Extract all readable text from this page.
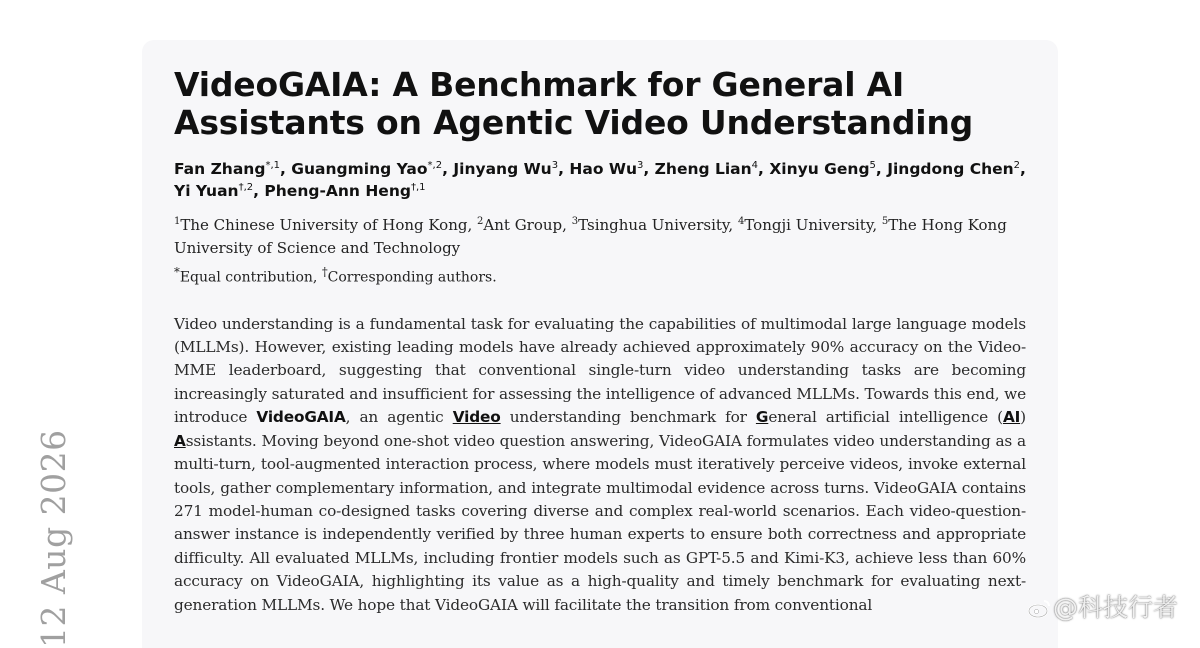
12 Aug 2026
VideoGAIA: A Benchmark for General AI
Assistants on Agentic Video Understanding
Fan Zhang$^{*,1}$, Guangming Yao$^{*,2}$, Jinyang Wu$^3$, Hao Wu$^3$, Zheng Lian$^4$, Xinyu Geng$^5$, Jingdong Chen$^2$, Yi Yuan$^{\dagger,2}$, Pheng-Ann Heng$^{\dagger,1}$
$^1$The Chinese University of Hong Kong, $^2$Ant Group, $^3$Tsinghua University, $^4$Tongji University, $^5$The Hong Kong University of Science and Technology
*Equal contribution, †Corresponding authors.
Video understanding is a fundamental task for evaluating the capabilities of multimodal large language models (MLLMs). However, existing leading models have already achieved approximately 90% accuracy on the Video-MME leaderboard, suggesting that conventional single-turn video understanding tasks are becoming increasingly saturated and insufficient for assessing the intelligence of advanced MLLMs. Towards this end, we introduce VideoGAIA, an agentic Video understanding benchmark for General artificial intelligence (AI) Assistants. Moving beyond one-shot video question answering, VideoGAIA formulates video understanding as a multi-turn, tool-augmented interaction process, where models must iteratively perceive videos, invoke external tools, gather complementary information, and integrate multimodal evidence across turns. VideoGAIA contains 271 model-human co-designed tasks covering diverse and complex real-world scenarios. Each video-question-answer instance is independently verified by three human experts to ensure both correctness and appropriate difficulty. All evaluated MLLMs, including frontier models such as GPT-5.5 and Kimi-K3, achieve less than 60% accuracy on VideoGAIA, highlighting its value as a high-quality and timely benchmark for evaluating next-generation MLLMs. We hope that VideoGAIA will facilitate the transition from conventional	@科技行者
